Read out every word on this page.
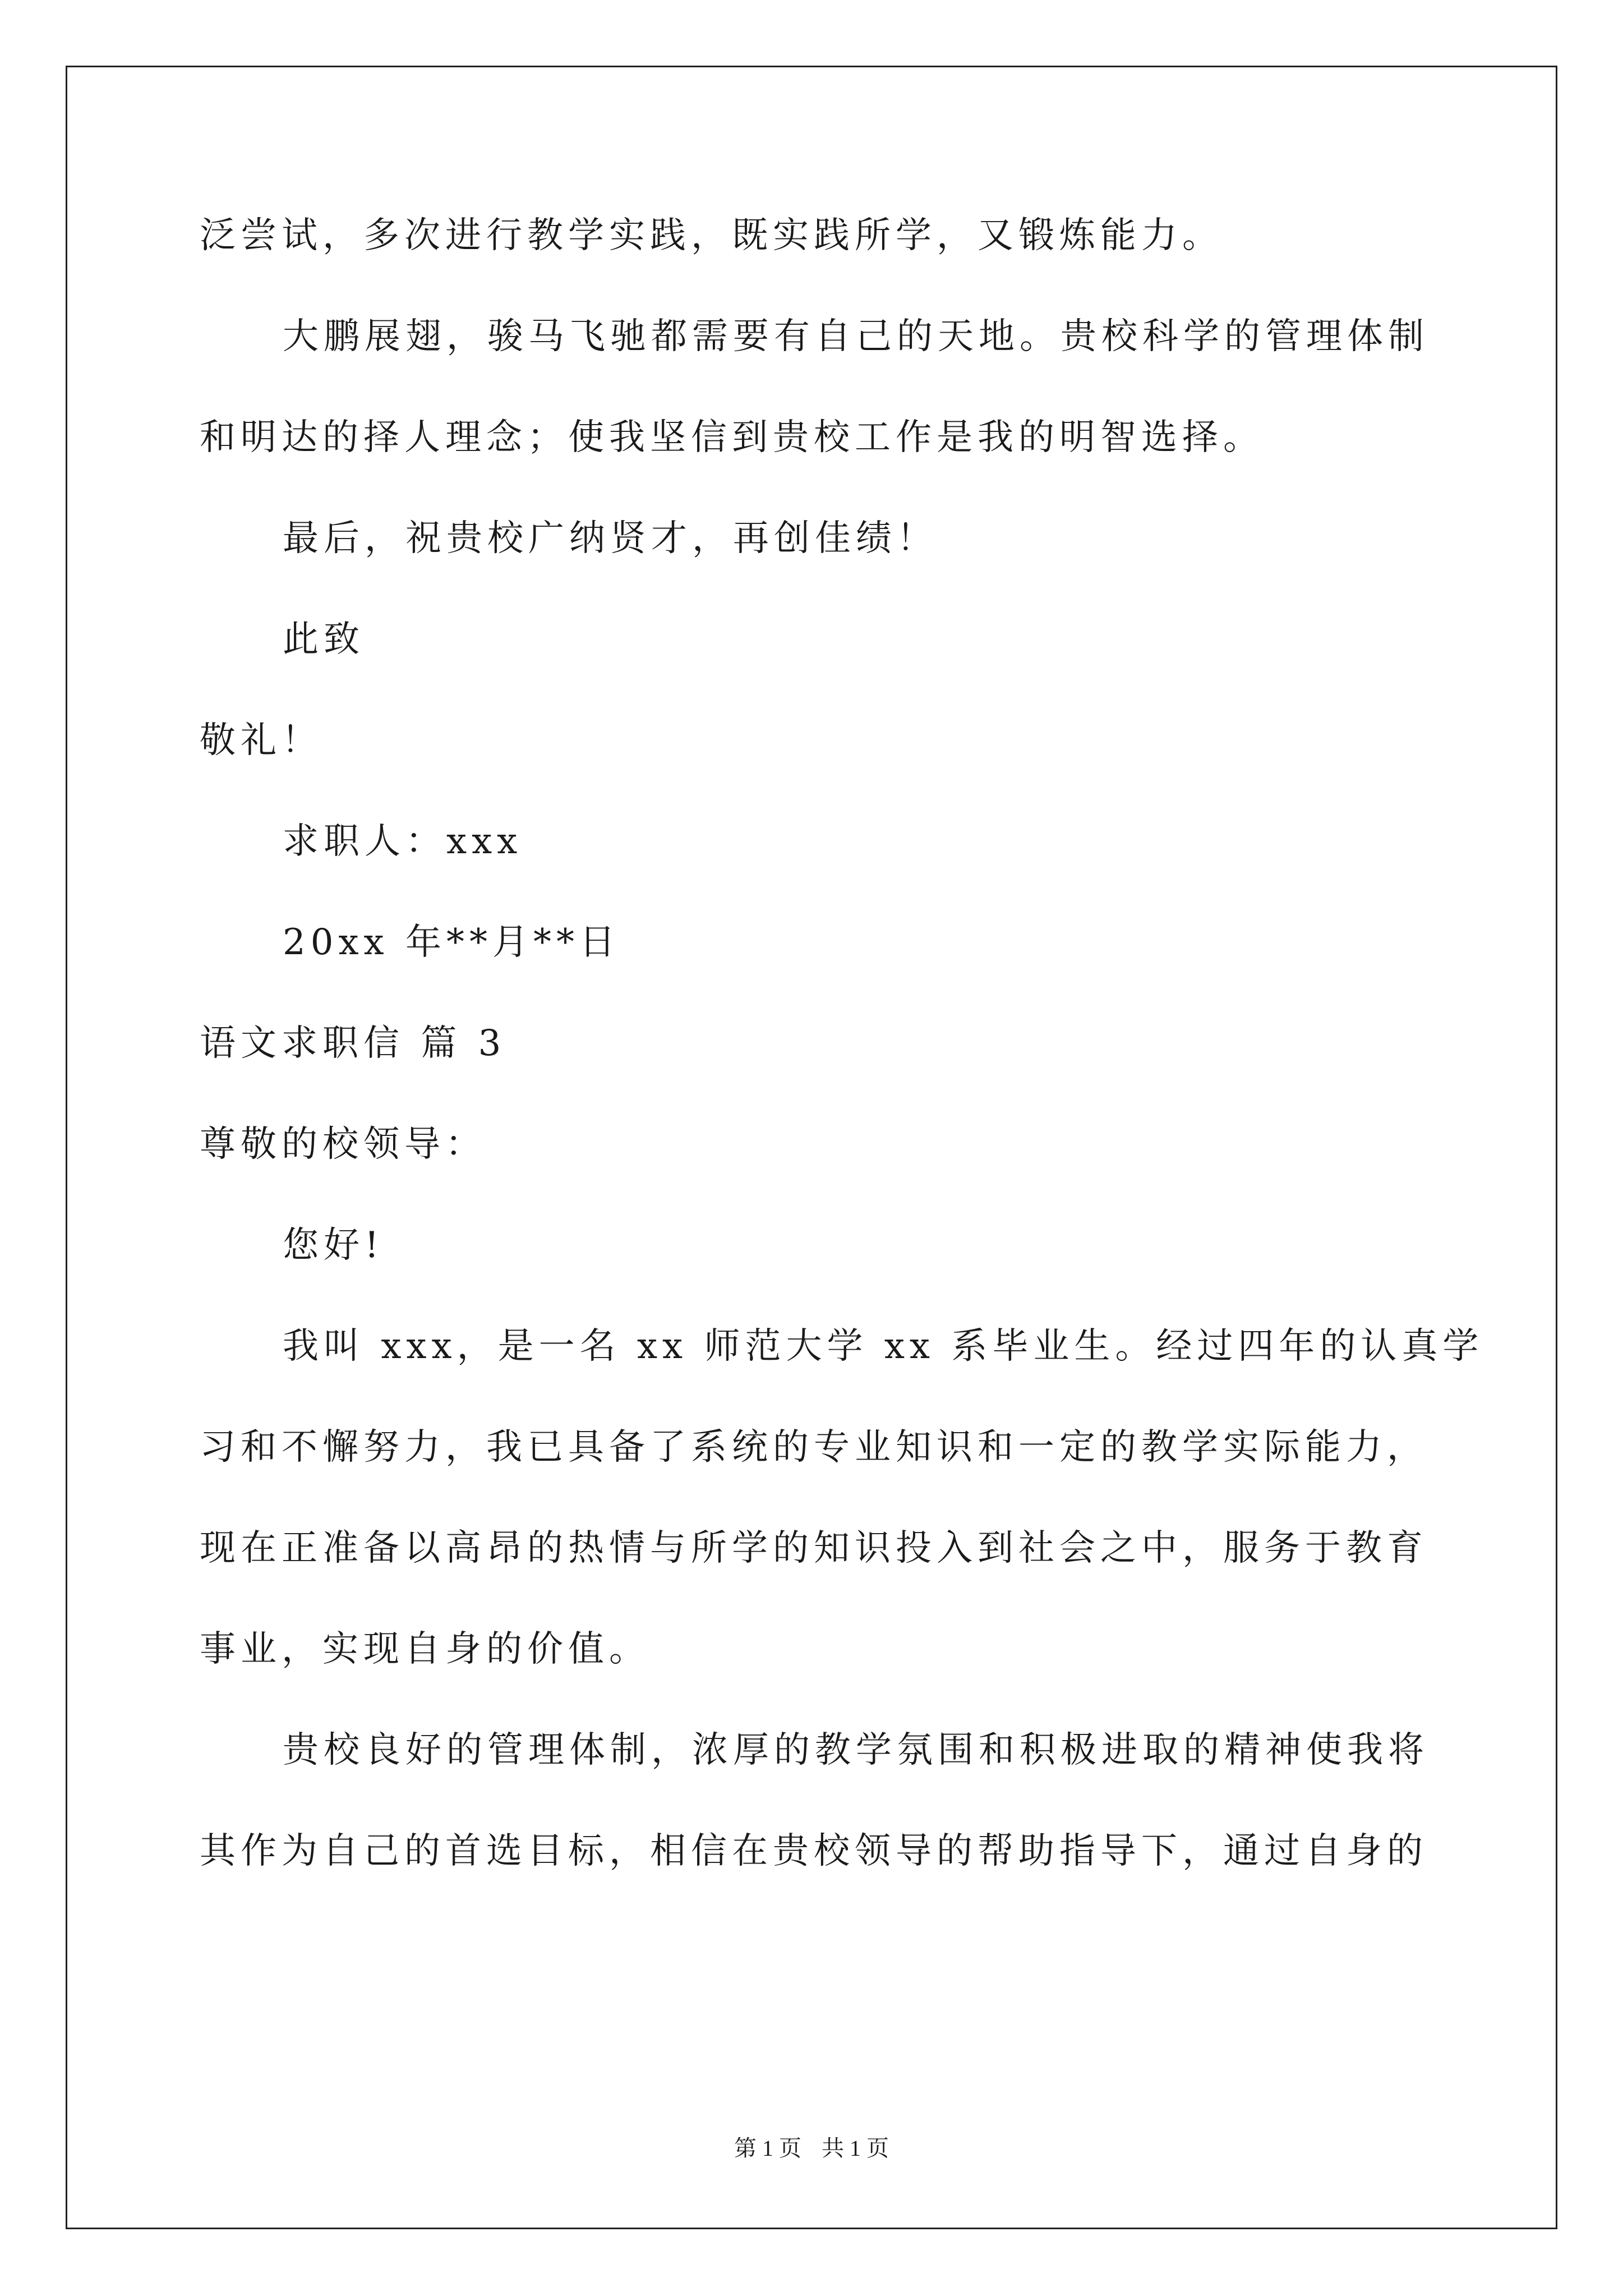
泛尝试，多次进行教学实践，既实践所学，又锻炼能力。
大鹏展翅，骏马飞驰都需要有自己的天地。贵校科学的管理体制
和明达的择人理念；使我坚信到贵校工作是我的明智选择。
最后，祝贵校广纳贤才，再创佳绩！
此致
敬礼！
求职人：xxx
20xx 年**月**日
语文求职信 篇 3
尊敬的校领导：
您好!
我叫 xxx，是一名 xx 师范大学 xx 系毕业生。经过四年的认真学
习和不懈努力，我已具备了系统的专业知识和一定的教学实际能力，
现在正准备以高昂的热情与所学的知识投入到社会之中，服务于教育
事业，实现自身的价值。
贵校良好的管理体制，浓厚的教学氛围和积极进取的精神使我将
其作为自己的首选目标，相信在贵校领导的帮助指导下，通过自身的
第 1 页 共 1 页
